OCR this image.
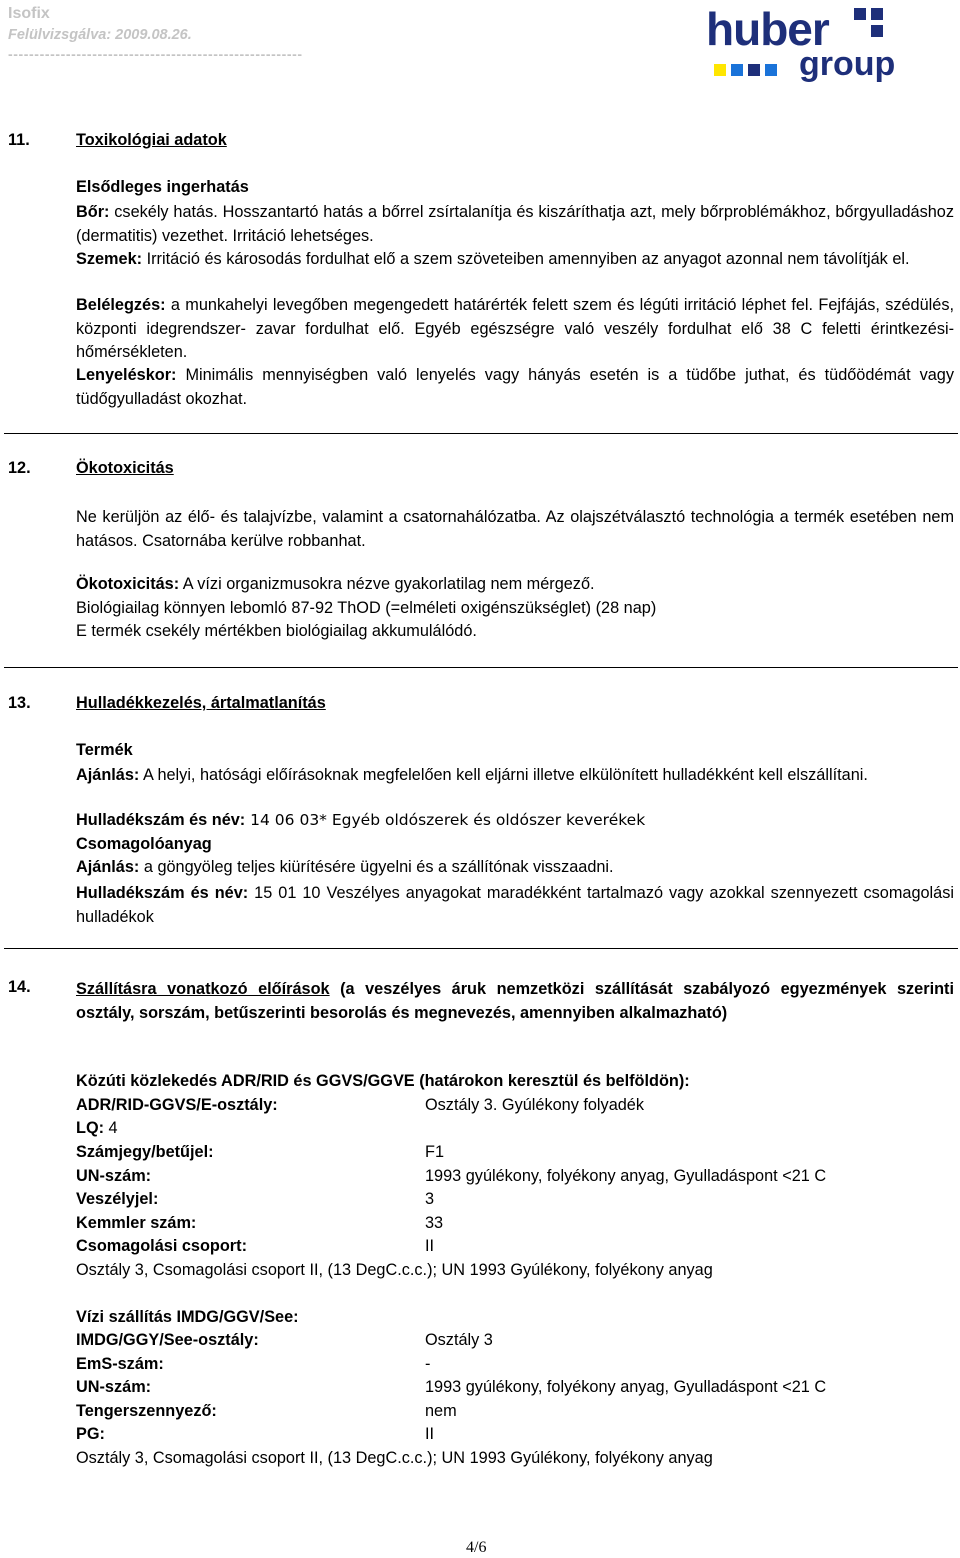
Isofix
Felülvizsgálva: 2009.08.26.
--------------------------------------------------------	huber
group
11.	Toxikológiai adatok
Elsődleges ingerhatás
Bőr: csekély hatás. Hosszantartó hatás a bőrrel zsírtalanítja és kiszáríthatja azt, mely bőrproblémákhoz, bőrgyulladáshoz (dermatitis) vezethet. Irritáció lehetséges.
Szemek: Irritáció és károsodás fordulhat elő a szem szöveteiben amennyiben az anyagot azonnal nem távolítják el.
Belélegzés: a munkahelyi levegőben megengedett határérték felett szem és légúti irritáció léphet fel. Fejfájás, szédülés, központi idegrendszer- zavar fordulhat elő. Egyéb egészségre való veszély fordulhat elő 38 C feletti érintkezési-hőmérsékleten.
Lenyeléskor: Minimális mennyiségben való lenyelés vagy hányás esetén is a tüdőbe juthat, és tüdőödémát vagy tüdőgyulladást okozhat.
12.	Ökotoxicitás
Ne kerüljön az élő- és talajvízbe, valamint a csatornahálózatba. Az olajszétválasztó technológia a termék esetében nem hatásos. Csatornába kerülve robbanhat.
Ökotoxicitás: A vízi organizmusokra nézve gyakorlatilag nem mérgező.
Biológiailag könnyen lebomló 87-92 ThOD (=elméleti oxigénszükséglet) (28 nap)
E termék csekély mértékben biológiailag akkumulálódó.
13.	Hulladékkezelés, ártalmatlanítás
Termék
Ajánlás: A helyi, hatósági előírásoknak megfelelően kell eljárni illetve elkülönített hulladékként kell elszállítani.
Hulladékszám és név: 14 06 03* Egyéb oldószerek és oldószer keverékek
Csomagolóanyag
Ajánlás: a göngyöleg teljes kiürítésére ügyelni és a szállítónak visszaadni.
Hulladékszám és név: 15 01 10 Veszélyes anyagokat maradékként tartalmazó vagy azokkal szennyezett csomagolási hulladékok
14.	Szállításra vonatkozó előírások (a veszélyes áruk nemzetközi szállítását szabályozó egyezmények szerinti osztály, sorszám, betűszerinti besorolás és megnevezés, amennyiben alkalmazható)
Közúti közlekedés ADR/RID és GGVS/GGVE (határokon keresztül és belföldön):
ADR/RID-GGVS/E-osztály:	Osztály 3. Gyúlékony folyadék
LQ: 4
Számjegy/betűjel:	F1
UN-szám:	1993 gyúlékony, folyékony anyag, Gyulladáspont <21 C
Veszélyjel:	3
Kemmler szám:	33
Csomagolási csoport:	II
Osztály 3, Csomagolási csoport II, (13 DegC.c.c.); UN 1993 Gyúlékony, folyékony anyag
Vízi szállítás IMDG/GGV/See:
IMDG/GGY/See-osztály:	Osztály 3
EmS-szám:	-
UN-szám:	1993 gyúlékony, folyékony anyag, Gyulladáspont <21 C
Tengerszennyező:	nem
PG:	II
Osztály 3, Csomagolási csoport II, (13 DegC.c.c.); UN 1993 Gyúlékony, folyékony anyag
4/6
